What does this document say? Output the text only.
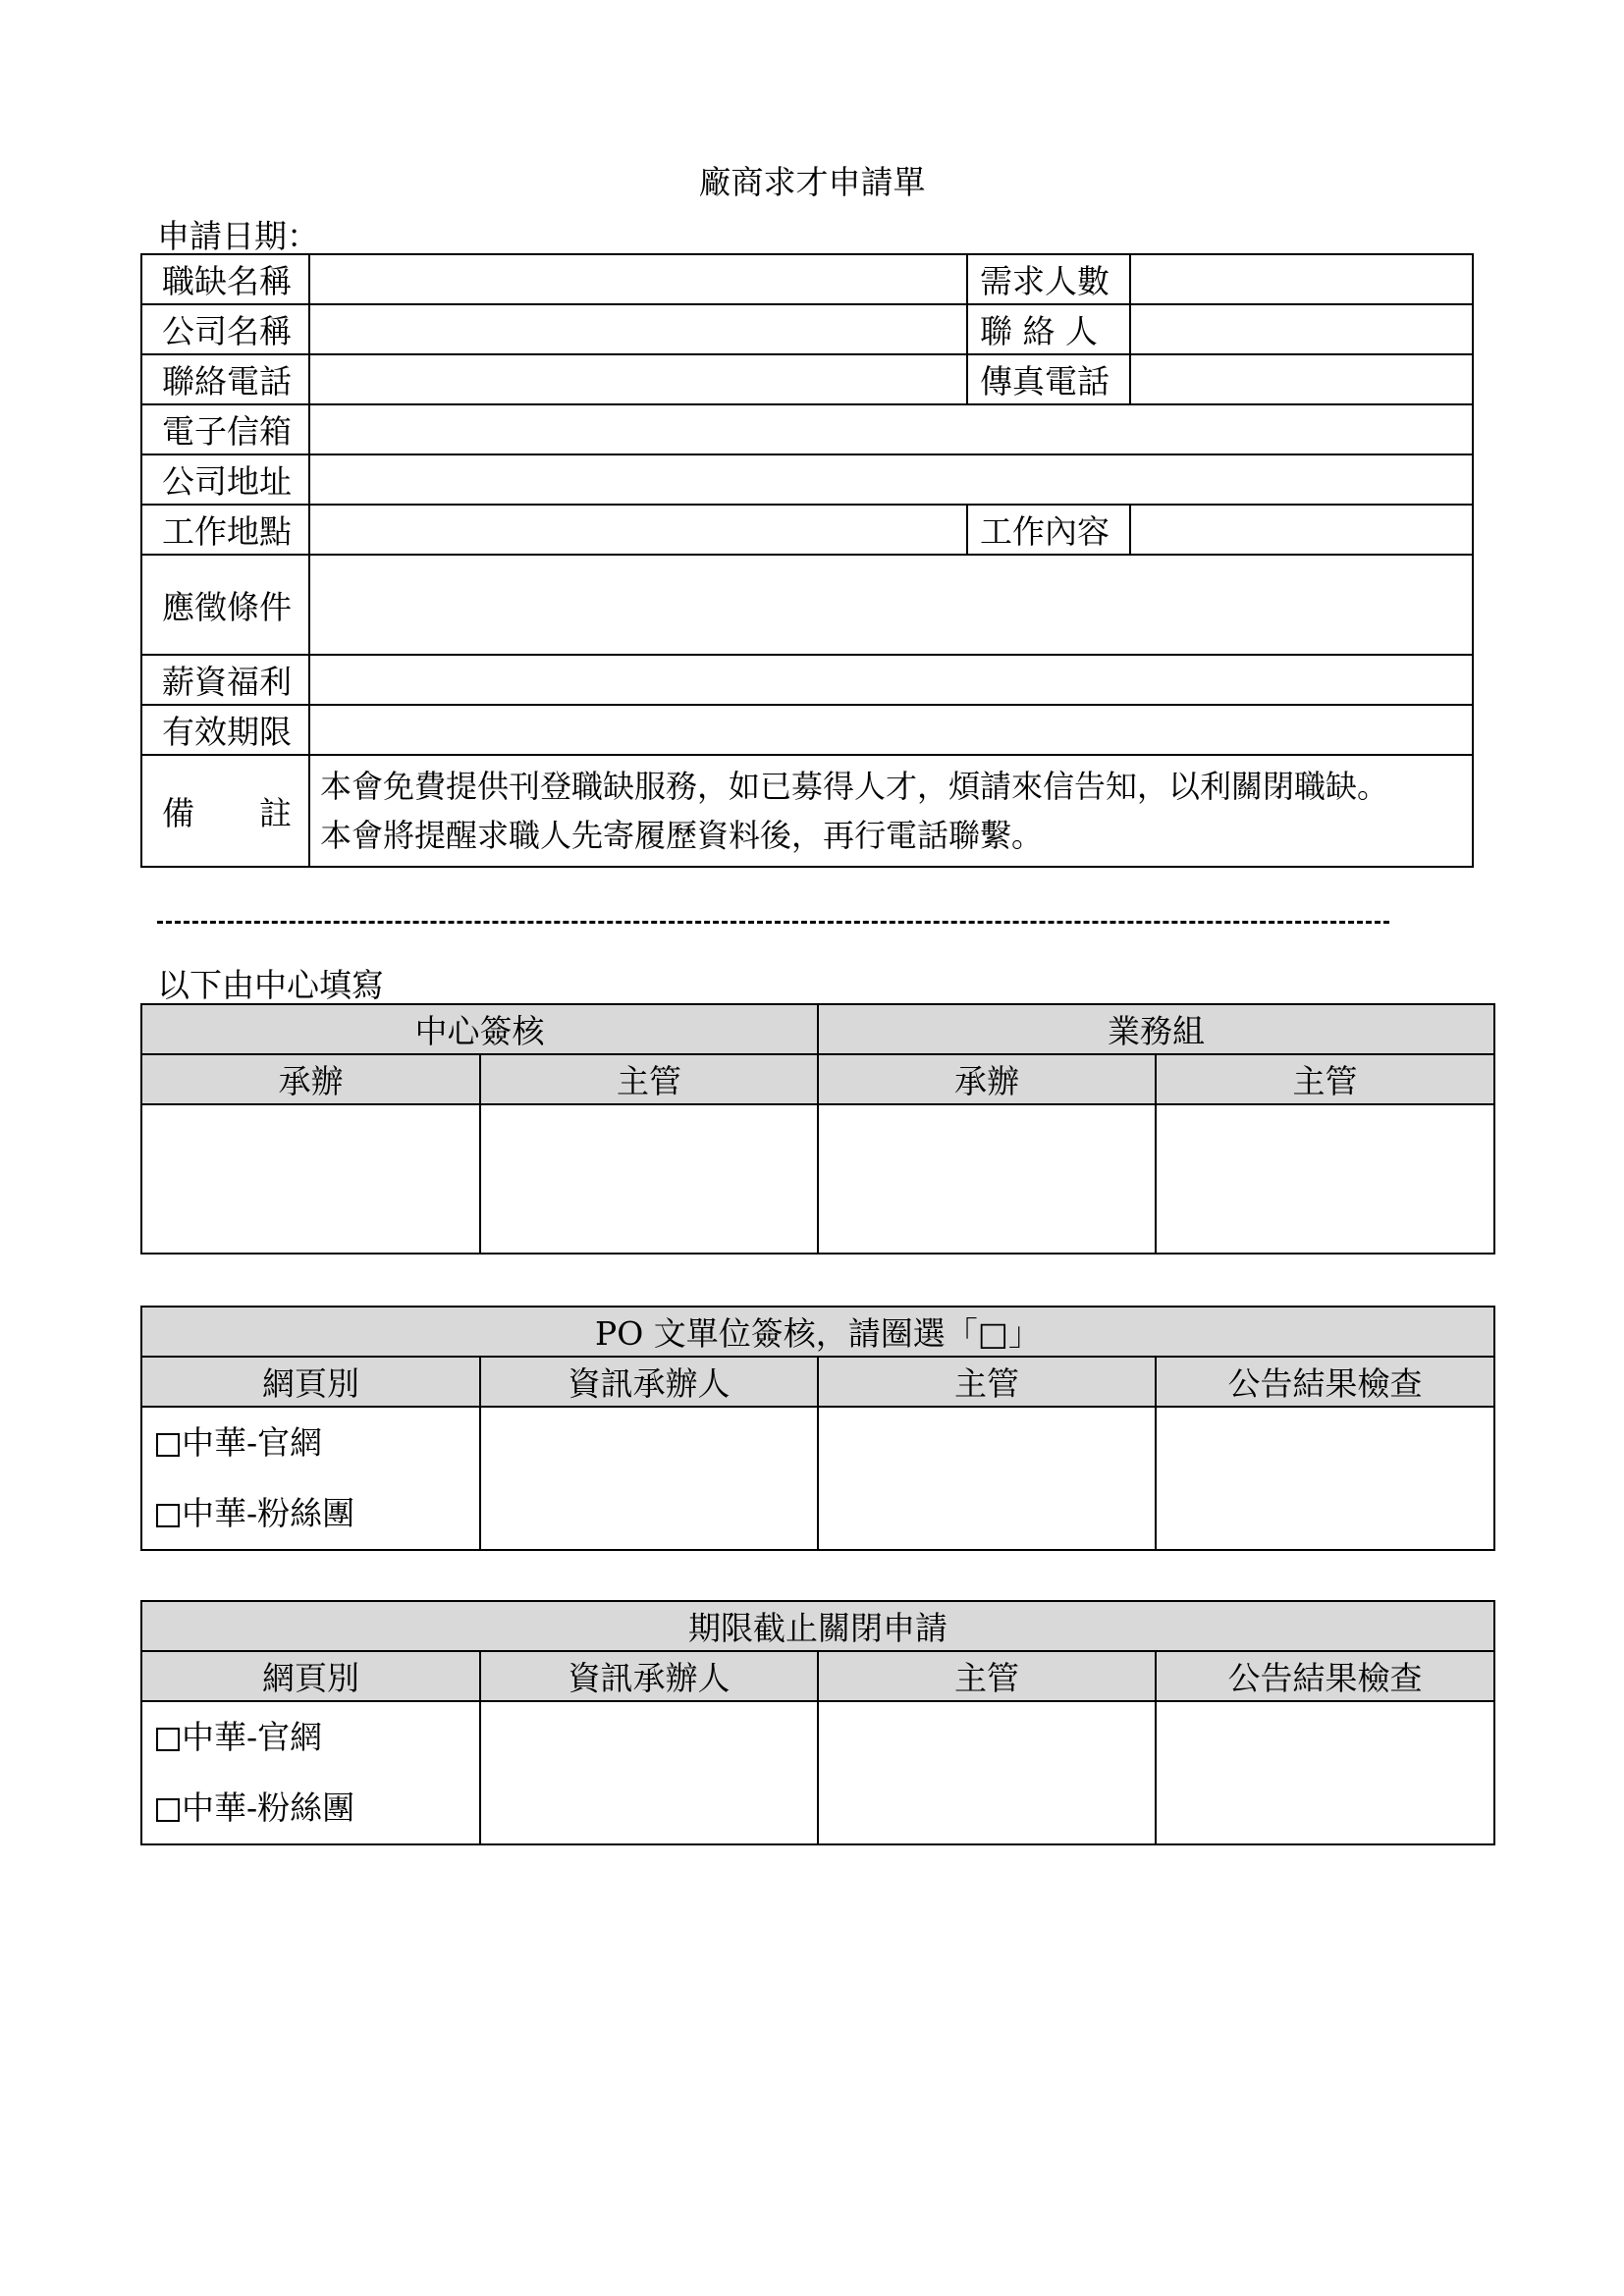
廠商求才申請單
申請日期：
職缺名稱		需求人數	
公司名稱		聯 絡 人	
聯絡電話		傳真電話	
電子信箱			
公司地址			
工作地點		工作內容	
應徵條件			
薪資福利			
有效期限			
備　　註	本會免費提供刊登職缺服務，如已募得人才，煩請來信告知，以利關閉職缺。
本會將提醒求職人先寄履歷資料後，再行電話聯繫。		
以下由中心填寫
中心簽核		業務組	
承辦	主管	承辦	主管

PO 文單位簽核，請圈選「□」			
網頁別	資訊承辦人	主管	公告結果檢查

中華-官網
中華-粉絲團			

期限截止關閉申請			
網頁別	資訊承辦人	主管	公告結果檢查

中華-官網
中華-粉絲團			
